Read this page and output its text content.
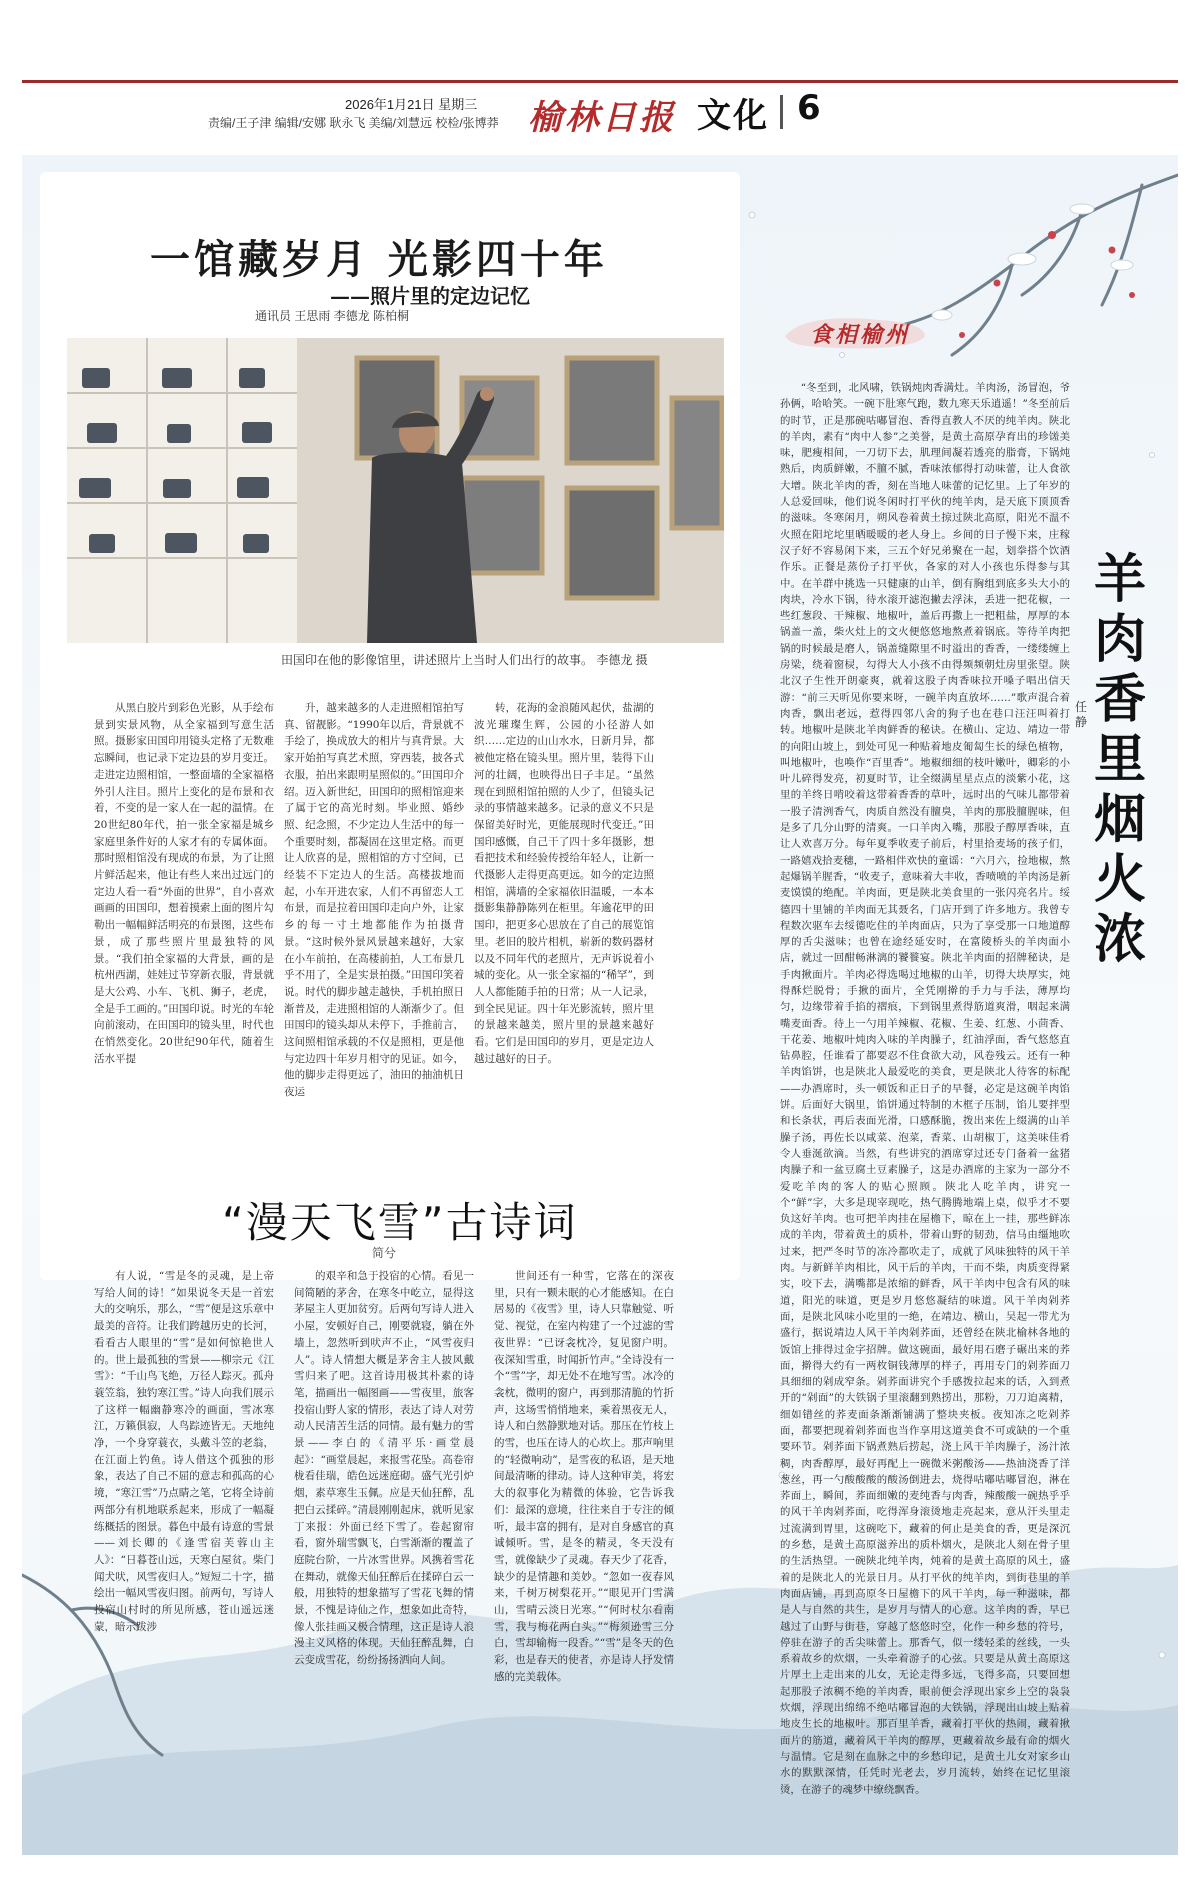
2026年1月21日 星期三
责编/王子津 编辑/安娜 耿永飞 美编/刘慧远 校检/张博莽 榆林日报 文化 6
一馆藏岁月 光影四十年
——照片里的定边记忆
通讯员 王思雨 李德龙 陈柏桐
田国印在他的影像馆里，讲述照片上当时人们出行的故事。 李德龙 摄

从黑白胶片到彩色光影，从手绘布景到实景风物，从全家福到写意生活照。摄影家田国印用镜头定格了无数难忘瞬间，也记录下定边县的岁月变迁。走进定边照相馆，一整面墙的全家福格外引人注目。照片上变化的是布景和衣着，不变的是一家人在一起的温情。在20世纪80年代，拍一张全家福是城乡家庭里条件好的人家才有的专属体面。那时照相馆没有现成的布景，为了让照片鲜活起来，他让有些人来出过远门的定边人看一看“外面的世界”，自小喜欢画画的田国印，想着摸索上面的图片勾勒出一幅幅鲜活明亮的布景图，这些布景，成了那些照片里最独特的风景。“我们拍全家福的大背景，画的是杭州西湖，娃娃过节穿新衣服，背景就是大公鸡、小车、飞机、狮子，老虎，全是手工画的。”田国印说。时光的车轮向前滚动，在田国印的镜头里，时代也在悄然变化。20世纪90年代，随着生活水平提

升，越来越多的人走进照相馆拍写真、留靓影。“1990年以后，背景就不手绘了，换成放大的相片与真背景。大家开始拍写真艺术照，穿西装，披各式衣服，拍出来跟明星照似的。”田国印介绍。迈入新世纪，田国印的照相馆迎来了属于它的高光时刻。毕业照、婚纱照、纪念照，不少定边人生活中的每一个重要时刻，都凝固在这里定格。而更让人欣喜的是，照相馆的方寸空间，已经装不下定边人的生活。高楼拔地而起，小车开进农家，人们不再留恋人工布景，而是拉着田国印走向户外，让家乡的每一寸土地都能作为拍摄背景。“这时候外景风景越来越好，大家在小车前拍，在高楼前拍，人工布景几乎不用了，全是实景拍摄。”田国印笑着说。时代的脚步越走越快，手机拍照日渐普及，走进照相馆的人渐渐少了。但田国印的镜头却从未停下，手推前言，这间照相馆承载的不仅是照相，更是他与定边四十年岁月相守的见证。如今，他的脚步走得更远了，油田的抽油机日夜运

转，花海的金浪随风起伏，盐湖的波光璀璨生辉，公园的小径游人如织……定边的山山水水，日新月异，都被他定格在镜头里。照片里，装得下山河的壮阔，也映得出日子丰足。“虽然现在到照相馆拍照的人少了，但镜头记录的事情越来越多。记录的意义不只是保留美好时光，更能展现时代变迁。”田国印感慨，自己干了四十多年摄影，想看把技术和经验传授给年轻人，让新一代摄影人走得更高更远。如今的定边照相馆，满墙的全家福依旧温暖，一本本摄影集静静陈列在柜里。年逾花甲的田国印，把更多心思放在了自己的展览馆里。老旧的胶片相机，崭新的数码器材以及不同年代的老照片，无声诉说着小城的变化。从一张全家福的“稀罕”，到人人都能随手拍的日常；从一人记录，到全民见证。四十年光影流转，照片里的景越来越美，照片里的景越来越好看。它们是田国印的岁月，更是定边人越过越好的日子。

“漫天飞雪”古诗词
简兮

有人说，“雪是冬的灵魂，是上帝写给人间的诗！”如果说冬天是一首宏大的交响乐，那么，“雪”便是这乐章中最美的音符。让我们跨越历史的长河，看看古人眼里的“雪”是如何惊艳世人的。世上最孤独的雪景——柳宗元《江雪》：“千山鸟飞绝，万径人踪灭。孤舟蓑笠翁，独钓寒江雪。”诗人向我们展示了这样一幅幽静寒冷的画面，雪冰寒江，万籁俱寂，人鸟踪迹皆无。天地纯净，一个身穿蓑衣，头戴斗笠的老翁，在江面上钓鱼。诗人借这个孤独的形象，表达了自己不屈的意志和孤高的心境，“寒江雪”乃点睛之笔，它将全诗前两部分有机地联系起来，形成了一幅凝练概括的图景。暮色中最有诗意的雪景——刘长卿的《逢雪宿芙蓉山主人》：“日暮苍山远，天寒白屋贫。柴门闻犬吠，风雪夜归人。”短短二十字，描绘出一幅风雪夜归图。前两句，写诗人投宿山村时的所见所感，苍山遥远迷蒙，暗示跋涉

的艰辛和急于投宿的心情。看见一间简陋的茅舍，在寒冬中屹立，显得这茅屋主人更加贫穷。后两句写诗人进入小屋，安顿好自己，刚要就寝，躺在外墙上，忽然听到吠声不止，“风雪夜归人”。诗人情想大概是茅舍主人披风戴雪归来了吧。这首诗用极其朴素的诗笔，描画出一幅图画——雪夜里，旅客投宿山野人家的情形，表达了诗人对劳动人民清苦生活的同情。最有魅力的雪景——李白的《清平乐·画堂晨起》：“画堂晨起，来报雪花坠。高卷帘栊看佳瑞，皓色远迷庭砌。盛气光引炉烟，素草寒生玉佩。应是天仙狂醉，乱把白云揉碎。”清晨刚刚起床，就听见家丁来报：外面已经下雪了。卷起窗帘看，窗外瑞雪飘飞，白雪渐渐的覆盖了庭院台阶，一片冰雪世界。风携着雪花在舞动，就像天仙狂醉后在揉碎白云一般，用独特的想象描写了雪花飞舞的情景，不愧是诗仙之作，想象如此奇特，像人张挂画又极合情理，这正是诗人浪漫主义风格的体现。天仙狂醉乱舞，白云变成雪花，纷纷扬扬洒向人间。

世间还有一种雪，它落在的深夜里，只有一颗未眠的心才能感知。在白居易的《夜雪》里，诗人只靠触觉、听觉、视觉，在室内构建了一个过滤的雪夜世界：“已讶衾枕冷，复见窗户明。夜深知雪重，时闻折竹声。”全诗没有一个“雪”字，却无处不在地写雪。冰冷的衾枕，微明的窗户，再到那清脆的竹折声，这场雪悄悄地来，乘着黑夜无人，诗人和白然静默地对话。那压在竹枝上的雪，也压在诗人的心坎上。那声响里的“轻微响动”，是雪夜的私语，是天地间最清晰的律动。诗人这种审美，将宏大的叙事化为精微的体验，它告诉我们：最深的意境，往往来自于专注的倾听，最丰富的拥有，是对自身感官的真诚倾听。雪，是冬的精灵，冬天没有雪，就像缺少了灵魂。春天少了花香，缺少的是情趣和美妙。“忽如一夜春风来，千树万树梨花开。”“眼见开门雪满山，雪晴云淡日光寒。”“何时杖尔看南雪，我与梅花两白头。”“梅须逊雪三分白，雪却输梅一段香。”“雪”是冬天的色彩，也是春天的使者，亦是诗人抒发情感的完美载体。

食相榆州

“冬至到，北风啸，铁锅炖肉香满灶。羊肉汤，汤冒泡，爷孙俩，哈哈笑。一碗下肚寒气跑，数九寒天乐逍遥！”冬至前后的时节，正是那碗咕嘟冒泡、香得直教人不厌的纯羊肉。陕北的羊肉，素有“肉中人参”之美誉，是黄土高原孕育出的珍馐美味，肥瘦相间，一刀切下去，肌理间凝若透亮的脂膏，下锅炖熟后，肉质鲜嫩，不膻不腻，香味浓郁得打动味蕾，让人食欲大增。陕北羊肉的香，刻在当地人味蕾的记忆里。上了年岁的人总爱回味，他们说冬闲时打平伙的纯羊肉，是天底下顶顶香的滋味。冬寒闲月，朔风卷着黄土掠过陕北高原，阳光不温不火照在阳坨坨里晒暖暖的老人身上。乡间的日子慢下来，庄稼汉子好不容易闲下来，三五个好兄弟聚在一起，划拳搭个饮酒作乐。正餐是蒸份子打平伙，各家的对人小孩也乐得参与其中。在羊群中挑选一只健康的山羊，倒有胸组到底多头大小的肉块，冷水下锅，待水滚开滤泡撇去浮沫，丢进一把花椒，一些红葱段、干辣椒、地椒叶，盖后再撒上一把粗盐，厚厚的本锅盖一盖，柴火灶上的文火便悠悠地熬煮着锅底。等待羊肉把锅的时候最是磨人，锅盖缝隙里不时溢出的香香，一缕缕缠上房梁，绕着窗棂，勾得大人小孩不由得频频朝灶房里张望。陕北汉子生性开朗豪爽，就着这股子肉香味拉开嗓子唱出信天游：“前三天听见你要来呀，一碗羊肉直放坏……”歌声混合着肉香，飘出老远，惹得四邻八舍的狗子也在巷口汪汪叫着打转。地椒叶是陕北羊肉鲜香的秘诀。在横山、定边、靖边一带的向阳山坡上，到处可见一种贴着地皮匍匐生长的绿色植物，叫地椒叶，也唤作“百里香”。地椒细细的枝叶嫩叶，卿彩的小叶儿碎得发亮，初夏时节，让全缀满星星点点的淡紫小花，这里的羊终日啃咬着这带着香香的草叶，远时出的气味儿都带着一股子清洌香气，肉质自然没有膻臭，羊肉的那股膻腥味，但是多了几分山野的清爽。一口羊肉入嘴，那股子醇厚香味，直让人欢喜万分。每年夏季收麦子前后，村里拾麦场的孩子们，一路嬉戏拾麦穗，一路相伴欢快的童谣：“六月六，捡地椒，熬起爆锅羊腥香，“收麦子，意味着大丰收，香喷喷的羊肉汤是新麦馍馍的绝配。羊肉面，更是陕北美食里的一张闪亮名片。绥德四十里铺的羊肉面无其聂名，门店开到了许多地方。我曾专程数次驱车去绥德吃住的羊肉面店，只为了享受那一口地道醇厚的舌尖滋味；也曾在途经延安时，在富陵桥头的羊肉面小店，就过一回酣畅淋漓的饕餮宴。陕北羊肉面的招牌秘诀，是手肉揪面片。羊肉必得选喝过地椒的山羊，切得大块厚实，炖得酥烂脱骨；手揪的面片，全凭刚擀的手力与手法，薄厚均匀，边缘带着手掐的褶痕，下到锅里煮得筋道爽滑，咽起来满嘴麦面香。待上一勺用羊辣椒、花椒、生姜、红葱、小茴香、干花姜、地椒叶炖肉入味的羊肉臊子，红油浮面，香气悠悠直钻鼻腔，任谁看了都要忍不住食欲大动，风卷残云。还有一种羊肉馅饼，也是陕北人最爱吃的美食，更是陕北人待客的标配——办酒席时，头一顿饭和正日子的早餐，必定是这碗羊肉馅饼。后面好大锅里，馅饼通过特制的木框子压制，馅儿要拌型和长条状，再后表面光滑，口感酥脆，拨出来佐上缀满的山羊臊子汤，再佐长以咸菜、泡菜，香菜、山胡椒丁，这美味佳肴令人垂涎欲滴。当然，有些讲究的酒席穿过还专门备着一盆猪肉臊子和一盆豆腐土豆素臊子，这是办酒席的主家为一部分不爱吃羊肉的客人的贴心照顾。陕北人吃羊肉，讲究一个“鲜”字，大多是现宰现吃，热气腾腾地端上桌，似乎才不要负这好羊肉。也可把羊肉挂在屋檐下，晾在上一挂，那些鲜冻成的羊肉，带着黄土的质朴，带着山野的韧劲，信马由缰地吹过来，把严冬时节的冻冷都吹走了，成就了风味独特的风干羊肉。与新鲜羊肉相比，风干后的羊肉，干而不柴，肉质变得紧实，咬下去，满嘴都是浓缩的鲜香，风干羊肉中包含有风的味道，阳光的味道，更是岁月悠悠凝结的味道。风干羊肉剁荞面，是陕北风味小吃里的一绝，在靖边、横山，吴起一带尤为盛行，据说靖边人风干羊肉剁荞面，还曾经在陕北榆林各地的饭馆上排得过金字招牌。做这碗面，最好用石磨子碾出来的荞面，擀得大约有一两枚铜钱薄厚的样子，再用专门的剁荞面刀具细细的剁成窄条。剁荞面讲究个手感拨拉起来的话，入到煮开的“剁面”的大铁锅子里滚翻到熟捞出，那粉，刀刀迫离精，细如错丝的荞麦面条渐渐铺满了整块夹板。夜知冻之吃剁荞面，都要把现着剁荞面也当作享用这道美食不可或缺的一个重要环节。剁荞面下锅煮熟后捞起，浇上风干羊肉臊子，汤汁浓稠，肉香醇厚，最好再配上一碗微米粥酸汤——热油浇香了洋葱丝，再一勺酸酸酸的酸汤倒进去，烧得咕嘟咕嘟冒泡，淋在荞面上，瞬间，荞面细嫩的麦纯香与肉香，辣酸酸一碗热乎乎的风干羊肉剁荞面，吃得浑身滚烫地走亮起来，意从汗头里走过流满到胃里，这碗吃下，藏着的何止是美食的香，更是深沉的乡愁，是黄土高原滋养出的质朴烟火，是陕北人刻在骨子里的生活热望。一碗陕北纯羊肉，炖着的是黄土高原的风土，盛着的是陕北人的光景日月。从打平伙的纯羊肉，到街巷里的羊肉面店铺，再到高原冬日屋檐下的风干羊肉，每一种滋味，都是人与自然的共生，是岁月与情人的心意。这羊肉的香，早已越过了山野与街巷，穿越了悠悠时空，化作一种乡愁的符号，停驻在游子的舌尖味蕾上。那香气，似一缕轻柔的丝线，一头系着故乡的炊烟，一头牵着游子的心弦。只要是从黄土高原这片厚土上走出来的儿女，无论走得多远，飞得多高，只要回想起那股子浓稠不绝的羊肉香，眼前便会浮现出家乡上空的袅袅炊烟，浮现出绵绵不绝咕嘟冒泡的大铁锅，浮现出山坡上贴着地皮生长的地椒叶。那百里羊香，藏着打平伙的热闹，藏着揪面片的筋道，藏着风干羊肉的醇厚，更藏着故乡最有命的烟火与温情。它是刻在血脉之中的乡愁印记，是黄土儿女对家乡山水的默默深情，任凭时光老去，岁月流转，始终在记忆里滚烫，在游子的魂梦中缭绕飘香。

羊肉香里烟火浓
任静
